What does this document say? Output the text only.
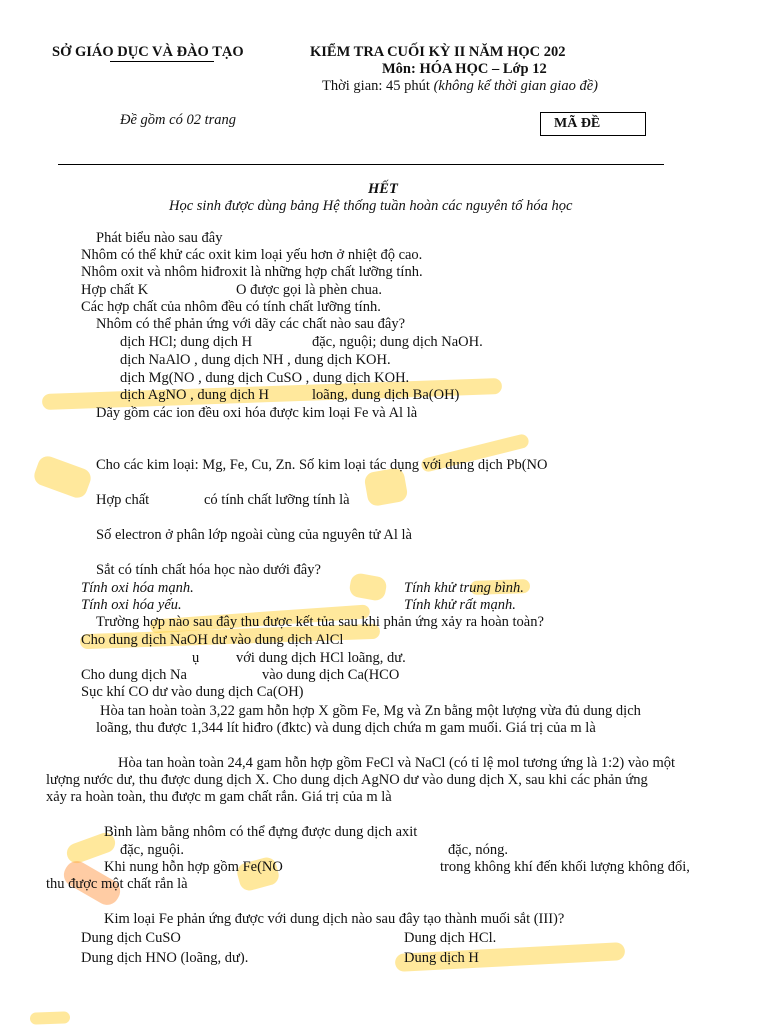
SỞ GIÁO DỤC VÀ ĐÀO TẠO	KIỂM TRA CUỐI KỲ II NĂM HỌC 202
Môn: HÓA HỌC – Lớp 12
Thời gian: 45 phút (không kể thời gian giao đề)
Đề gồm có 02 trang	MÃ ĐỀ
HẾT
Học sinh được dùng bảng Hệ thống tuần hoàn các nguyên tố hóa học
Phát biểu nào sau đây
Nhôm có thể khử các oxit kim loại yếu hơn ở nhiệt độ cao.
Nhôm oxit và nhôm hiđroxit là những hợp chất lưỡng tính.
Hợp chất K	O được gọi là phèn chua.
Các hợp chất của nhôm đều có tính chất lưỡng tính.
Nhôm có thể phản ứng với dãy các chất nào sau đây?
dịch HCl; dung dịch H	đặc, nguội; dung dịch NaOH.
dịch NaAlO , dung dịch NH , dung dịch KOH.
dịch Mg(NO , dung dịch CuSO , dung dịch KOH.
dịch AgNO , dung dịch H	loãng, dung dịch Ba(OH)
Dãy gồm các ion đều oxi hóa được kim loại Fe và Al là
Cho các kim loại: Mg, Fe, Cu, Zn. Số kim loại tác dụng với dung dịch Pb(NO
Hợp chất	có tính chất lưỡng tính là
Số electron ở phân lớp ngoài cùng của nguyên tử Al là
Sắt có tính chất hóa học nào dưới đây?
Tính oxi hóa mạnh.	Tính khử trung bình.
Tính oxi hóa yếu.	Tính khử rất mạnh.
Trường hợp nào sau đây thu được kết tủa sau khi phản ứng xảy ra hoàn toàn?
Cho dung dịch NaOH dư vào dung dịch AlCl
ụ	với dung dịch HCl loãng, dư.
Cho dung dịch Na	vào dung dịch Ca(HCO
Sục khí CO dư vào dung dịch Ca(OH)
Hòa tan hoàn toàn 3,22 gam hỗn hợp X gồm Fe, Mg và Zn bằng một lượng vừa đủ dung dịch
loãng, thu được 1,344 lít hiđro (đktc) và dung dịch chứa m gam muối. Giá trị của m là
Hòa tan hoàn toàn 24,4 gam hỗn hợp gồm FeCl và NaCl (có tỉ lệ mol tương ứng là 1:2) vào một
lượng nước dư, thu được dung dịch X. Cho dung dịch AgNO dư vào dung dịch X, sau khi các phản ứng
xảy ra hoàn toàn, thu được m gam chất rắn. Giá trị của m là
Bình làm bằng nhôm có thể đựng được dung dịch axit
đặc, nguội.	đặc, nóng.
Khi nung hỗn hợp gồm Fe(NO	trong không khí đến khối lượng không đổi,
thu được một chất rắn là
Kim loại Fe phản ứng được với dung dịch nào sau đây tạo thành muối sắt (III)?
Dung dịch CuSO	Dung dịch HCl.
Dung dịch HNO (loãng, dư).	Dung dịch H
